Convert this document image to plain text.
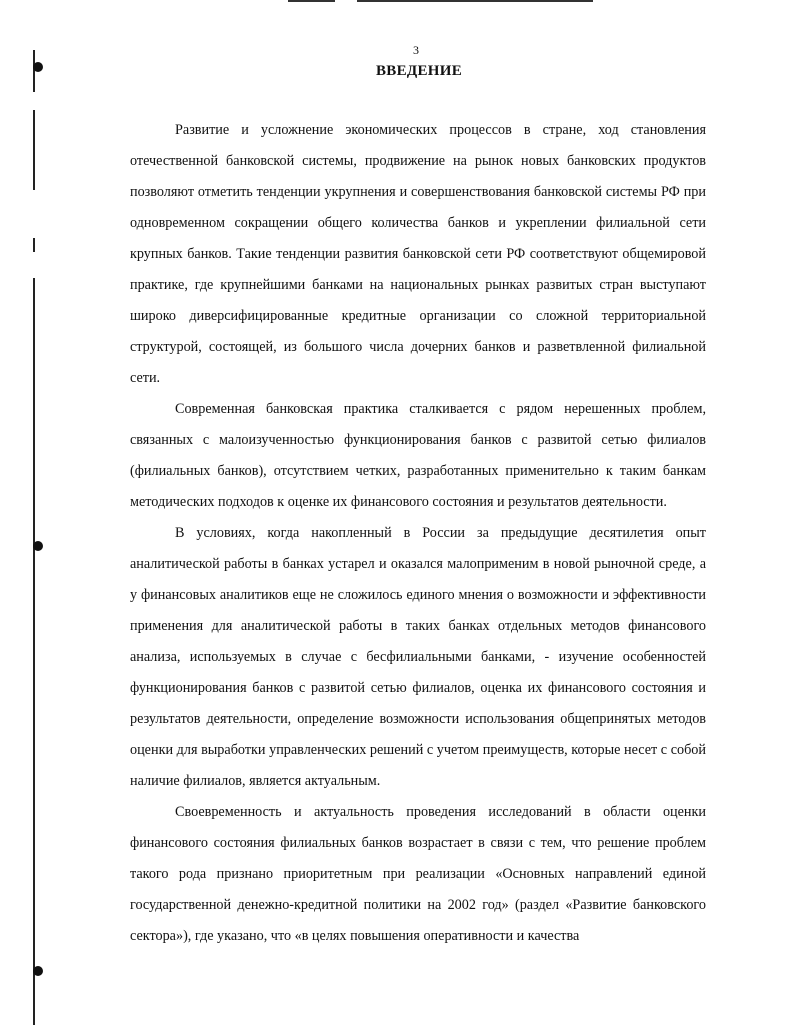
3
ВВЕДЕНИЕ

Развитие и усложнение экономических процессов в стране, ход становления отечественной банковской системы, продвижение на рынок новых банковских продуктов позволяют отметить тенденции укрупнения и совершенствования банковской системы РФ при одновременном сокращении общего количества банков и укреплении филиальной сети крупных банков. Такие тенденции развития банковской сети РФ соответствуют общемировой практике, где крупнейшими банками на национальных рынках развитых стран выступают широко диверсифицированные кредитные организации со сложной территориальной структурой, состоящей, из большого числа дочерних банков и разветвленной филиальной сети.

Современная банковская практика сталкивается с рядом нерешенных проблем, связанных с малоизученностью функционирования банков с развитой сетью филиалов (филиальных банков), отсутствием четких, разработанных применительно к таким банкам методических подходов к оценке их финансового состояния и результатов деятельности.

В условиях, когда накопленный в России за предыдущие десятилетия опыт аналитической работы в банках устарел и оказался малоприменим в новой рыночной среде, а у финансовых аналитиков еще не сложилось единого мнения о возможности и эффективности применения для аналитической работы в таких банках отдельных методов финансового анализа, используемых в случае с бесфилиальными банками, - изучение особенностей функционирования банков с развитой сетью филиалов, оценка их финансового состояния и результатов деятельности, определение возможности использования общепринятых методов оценки для выработки управленческих решений с учетом преимуществ, которые несет с собой наличие филиалов, является актуальным.

Своевременность и актуальность проведения исследований в области оценки финансового состояния филиальных банков возрастает в связи с тем, что решение проблем такого рода признано приоритетным при реализации «Основных направлений единой государственной денежно-кредитной политики на 2002 год» (раздел «Развитие банковского сектора»), где указано, что «в целях повышения оперативности и качества
